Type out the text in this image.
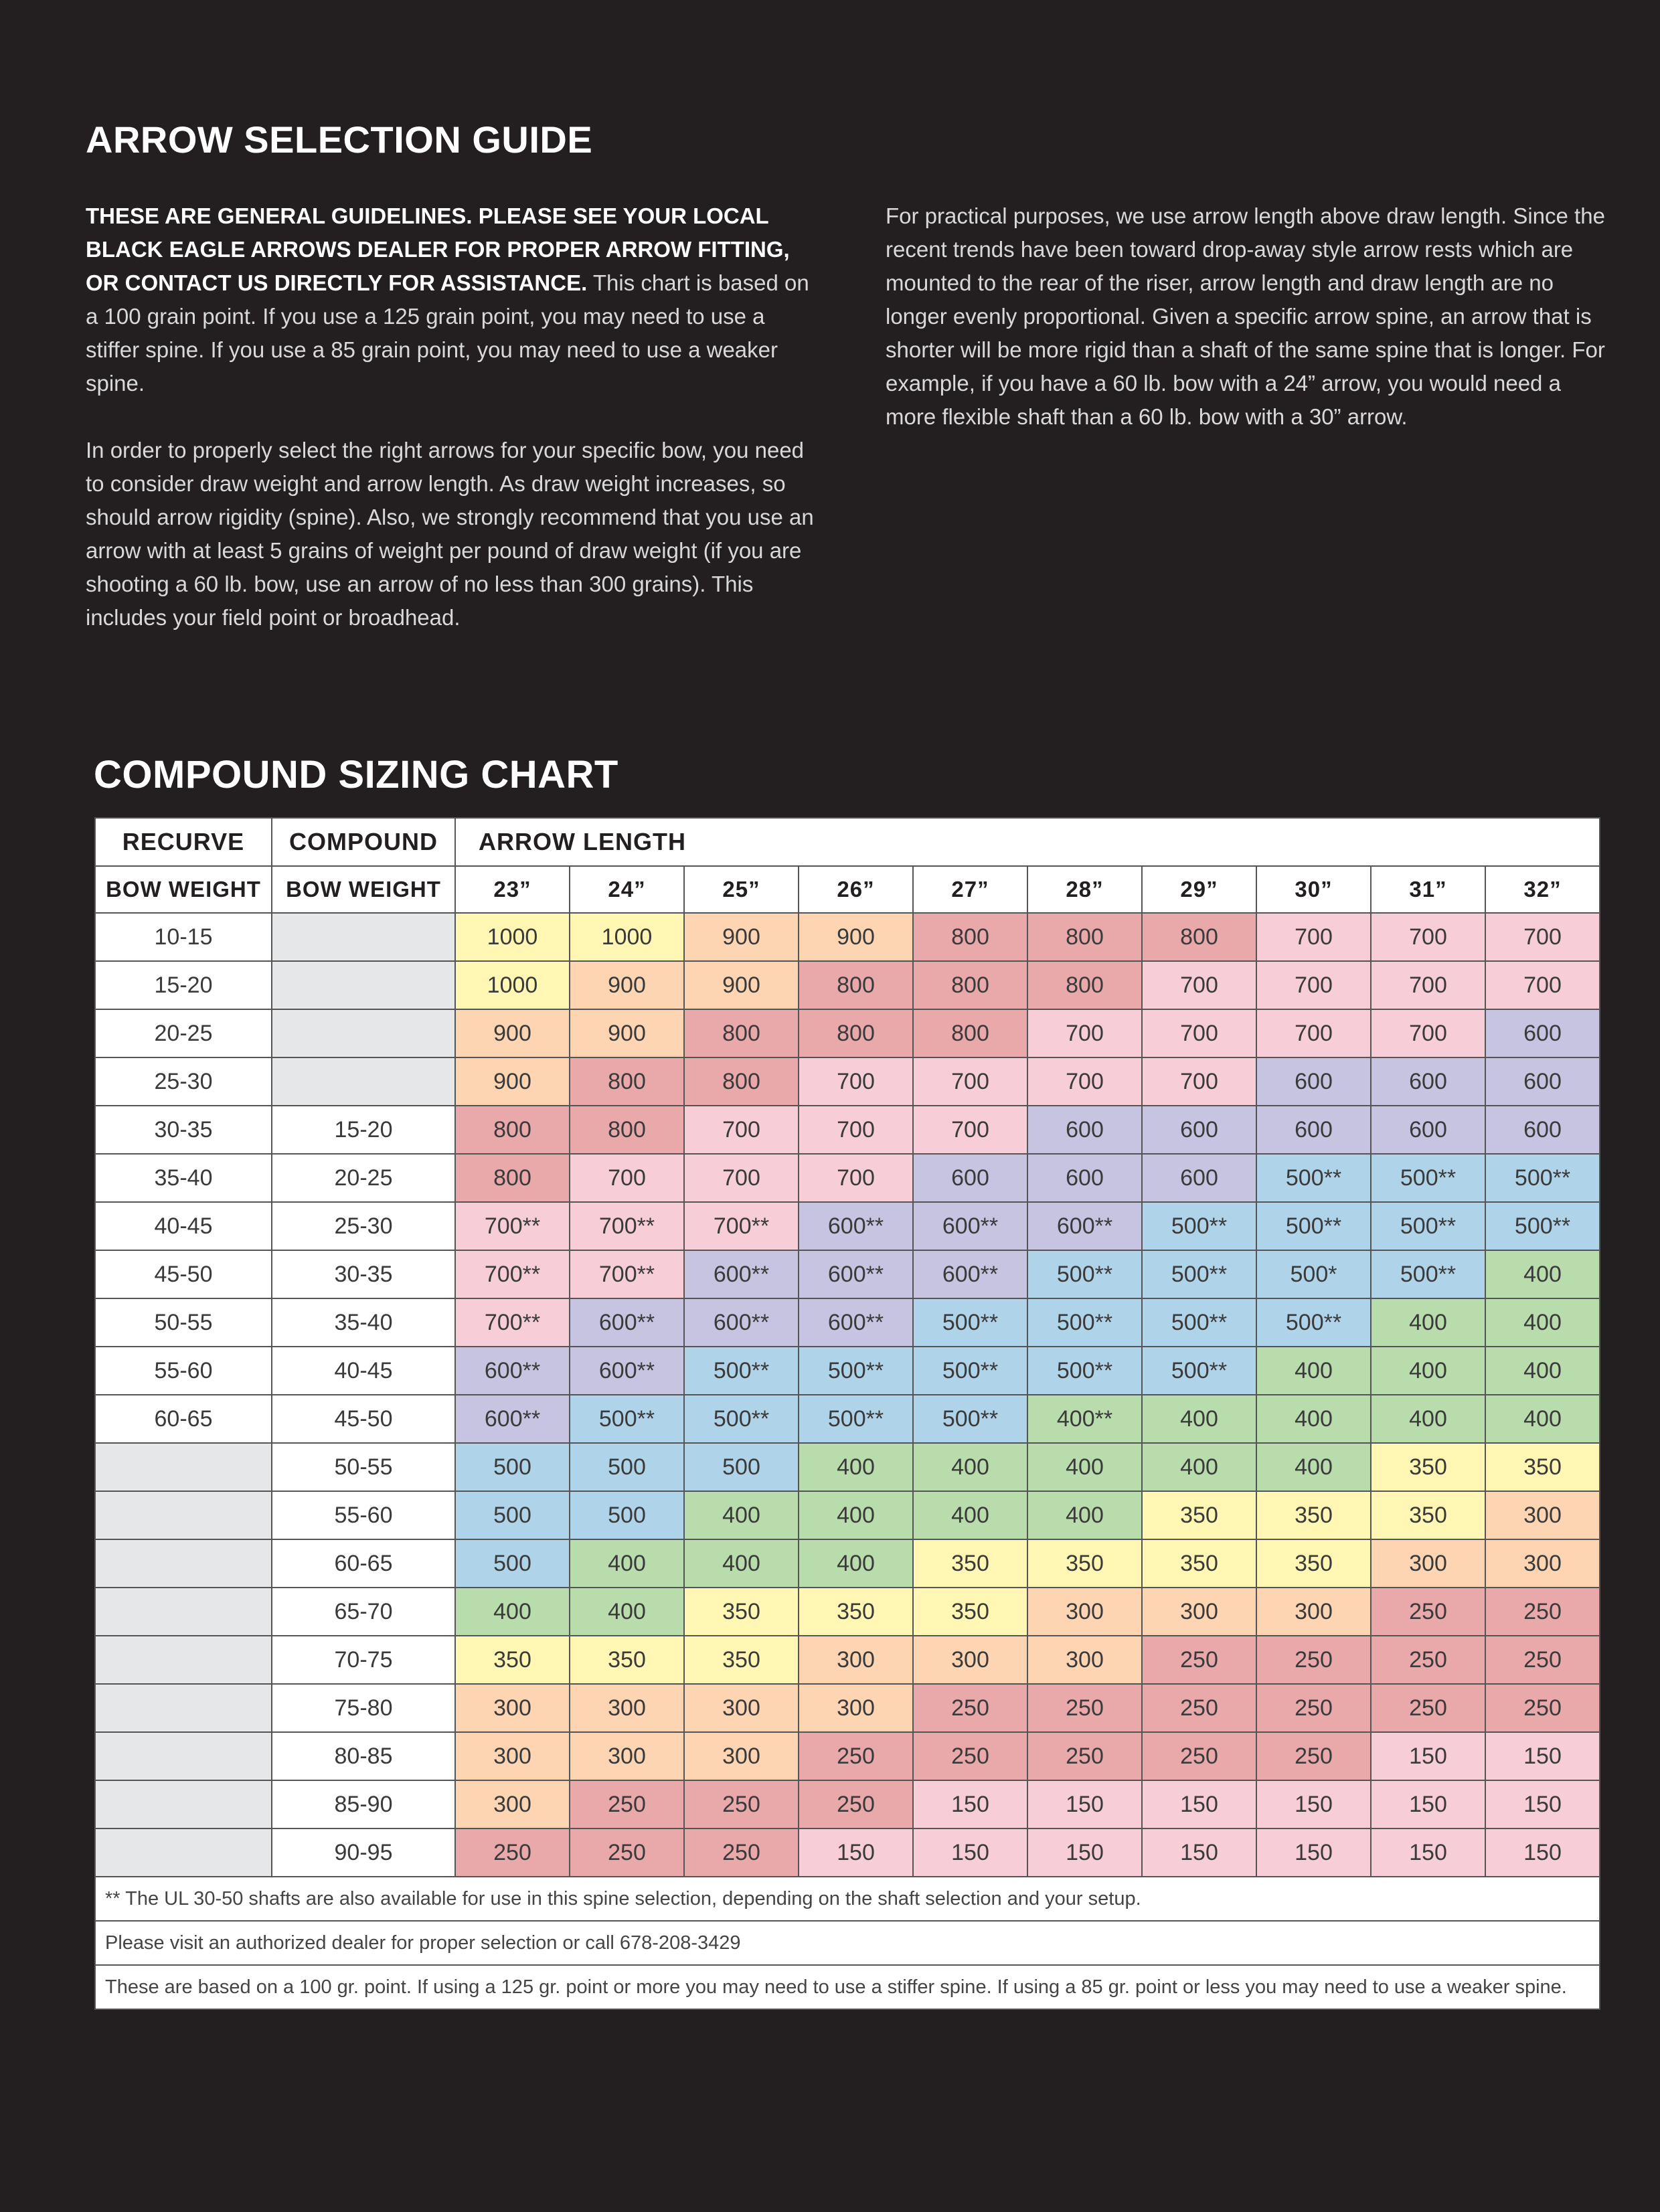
ARROW SELECTION GUIDE

THESE ARE GENERAL GUIDELINES. PLEASE SEE YOUR LOCAL BLACK EAGLE ARROWS DEALER FOR PROPER ARROW FITTING, OR CONTACT US DIRECTLY FOR ASSISTANCE. This chart is based on a 100 grain point. If you use a 125 grain point, you may need to use a stiffer spine. If you use a 85 grain point, you may need to use a weaker spine.

In order to properly select the right arrows for your specific bow, you need to consider draw weight and arrow length. As draw weight increases, so should arrow rigidity (spine). Also, we strongly recommend that you use an arrow with at least 5 grains of weight per pound of draw weight (if you are shooting a 60 lb. bow, use an arrow of no less than 300 grains). This includes your field point or broadhead.

For practical purposes, we use arrow length above draw length. Since the recent trends have been toward drop-away style arrow rests which are mounted to the rear of the riser, arrow length and draw length are no longer evenly proportional. Given a specific arrow spine, an arrow that is shorter will be more rigid than a shaft of the same spine that is longer. For example, if you have a 60 lb. bow with a 24” arrow, you would need a more flexible shaft than a 60 lb. bow with a 30” arrow.

COMPOUND SIZING CHART
RECURVE	COMPOUND	ARROW LENGTH									
BOW WEIGHT	BOW WEIGHT	23”	24”	25”	26”	27”	28”	29”	30”	31”	32”
10-15		1000	1000	900	900	800	800	800	700	700	700
15-20		1000	900	900	800	800	800	700	700	700	700
20-25		900	900	800	800	800	700	700	700	700	600
25-30		900	800	800	700	700	700	700	600	600	600
30-35	15-20	800	800	700	700	700	600	600	600	600	600
35-40	20-25	800	700	700	700	600	600	600	500**	500**	500**
40-45	25-30	700**	700**	700**	600**	600**	600**	500**	500**	500**	500**
45-50	30-35	700**	700**	600**	600**	600**	500**	500**	500*	500**	400
50-55	35-40	700**	600**	600**	600**	500**	500**	500**	500**	400	400
55-60	40-45	600**	600**	500**	500**	500**	500**	500**	400	400	400
60-65	45-50	600**	500**	500**	500**	500**	400**	400	400	400	400
	50-55	500	500	500	400	400	400	400	400	350	350
	55-60	500	500	400	400	400	400	350	350	350	300
	60-65	500	400	400	400	350	350	350	350	300	300
	65-70	400	400	350	350	350	300	300	300	250	250
	70-75	350	350	350	300	300	300	250	250	250	250
	75-80	300	300	300	300	250	250	250	250	250	250
	80-85	300	300	300	250	250	250	250	250	150	150
	85-90	300	250	250	250	150	150	150	150	150	150
	90-95	250	250	250	150	150	150	150	150	150	150
** The UL 30-50 shafts are also available for use in this spine selection, depending on the shaft selection and your setup.											
Please visit an authorized dealer for proper selection or call 678-208-3429											
These are based on a 100 gr. point. If using a 125 gr. point or more you may need to use a stiffer spine. If using a 85 gr. point or less you may need to use a weaker spine.											
